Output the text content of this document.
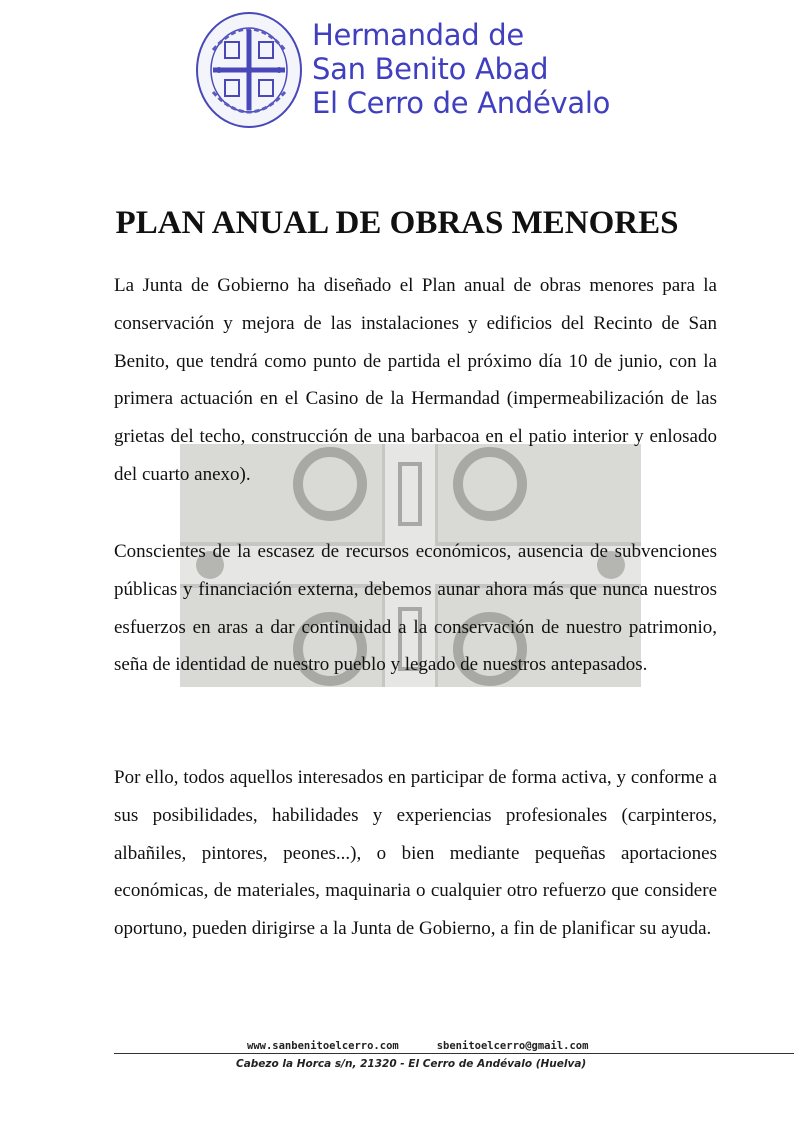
Hermandad de
San Benito Abad
El Cerro de Andévalo
PLAN ANUAL DE OBRAS MENORES

La Junta de Gobierno ha diseñado el Plan anual de obras menores para la conservación y mejora de las instalaciones y edificios del Recinto de San Benito, que tendrá como punto de partida el próximo día 10 de junio, con la primera actuación en el Casino de la Hermandad (impermeabilización de las grietas del techo, construcción de una barbacoa en el patio interior y enlosado del cuarto anexo).

Conscientes de la escasez de recursos económicos, ausencia de subvenciones públicas y financiación externa, debemos aunar ahora más que nunca nuestros esfuerzos en aras a dar continuidad a la conservación de nuestro patrimonio, seña de identidad de nuestro pueblo y legado de nuestros antepasados.

Por ello, todos aquellos interesados en participar de forma activa, y conforme a sus posibilidades, habilidades y experiencias profesionales (carpinteros, albañiles, pintores, peones...), o bien mediante pequeñas aportaciones económicas, de materiales, maquinaria o cualquier otro refuerzo que considere oportuno, pueden dirigirse a la Junta de Gobierno, a fin de planificar su ayuda.

www.sanbenitoelcerro.com	sbenitoelcerro@gmail.com
Cabezo la Horca s/n, 21320 - El Cerro de Andévalo (Huelva)
